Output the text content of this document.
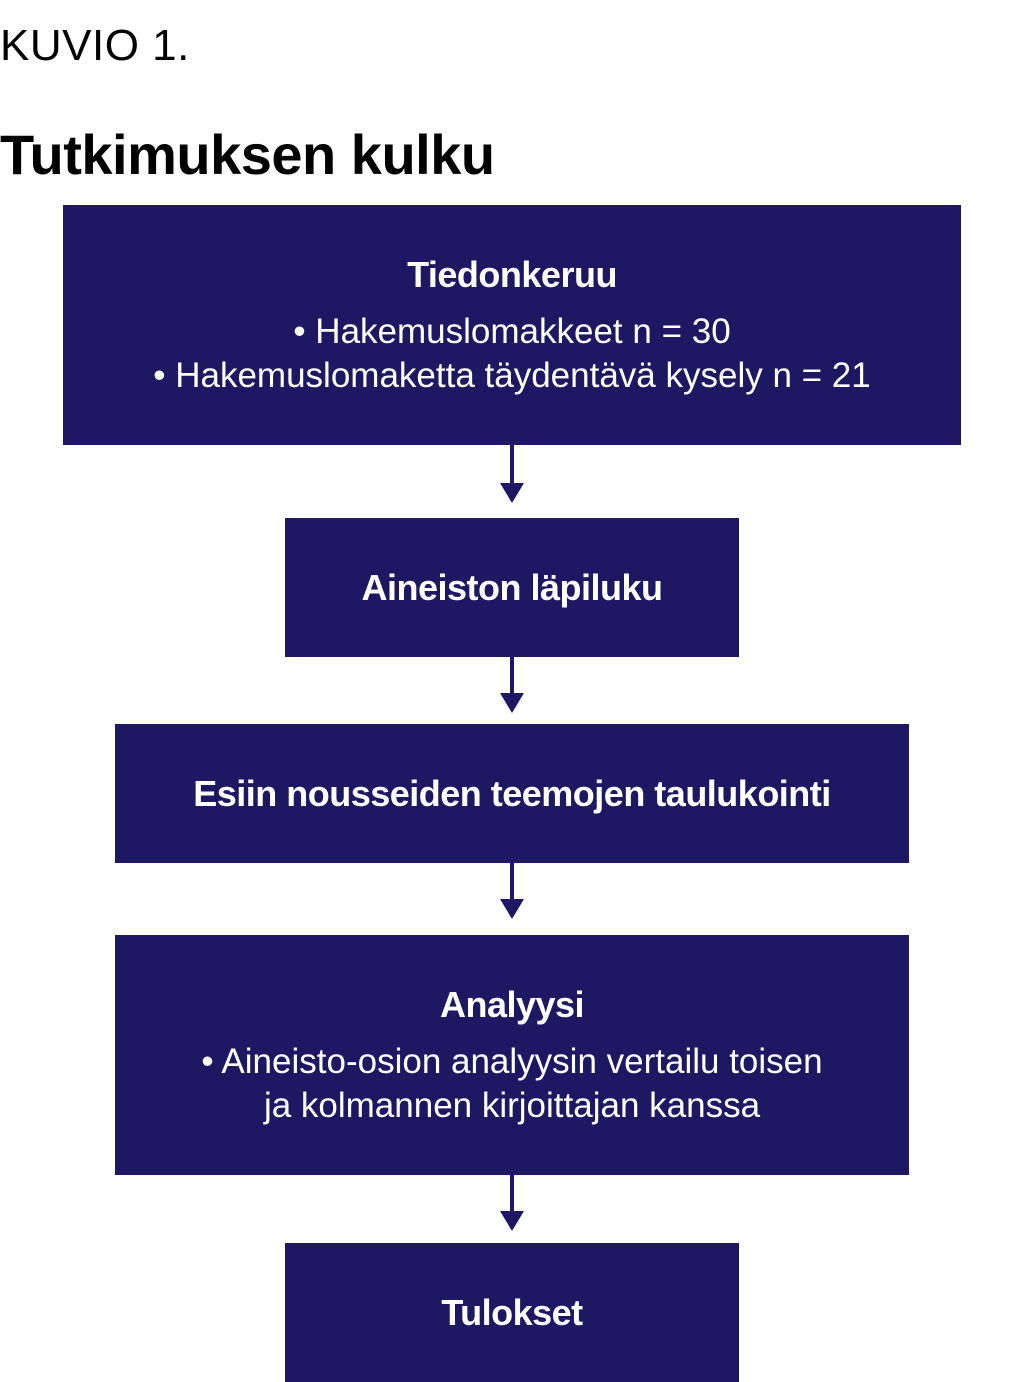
KUVIO 1.
Tutkimuksen kulku
Tiedonkeruu
• Hakemuslomakkeet n = 30
• Hakemuslomaketta täydentävä kysely n = 21
Aineiston läpiluku
Esiin nousseiden teemojen taulukointi
Analyysi
• Aineisto-osion analyysin vertailu toisen
ja kolmannen kirjoittajan kanssa
Tulokset
